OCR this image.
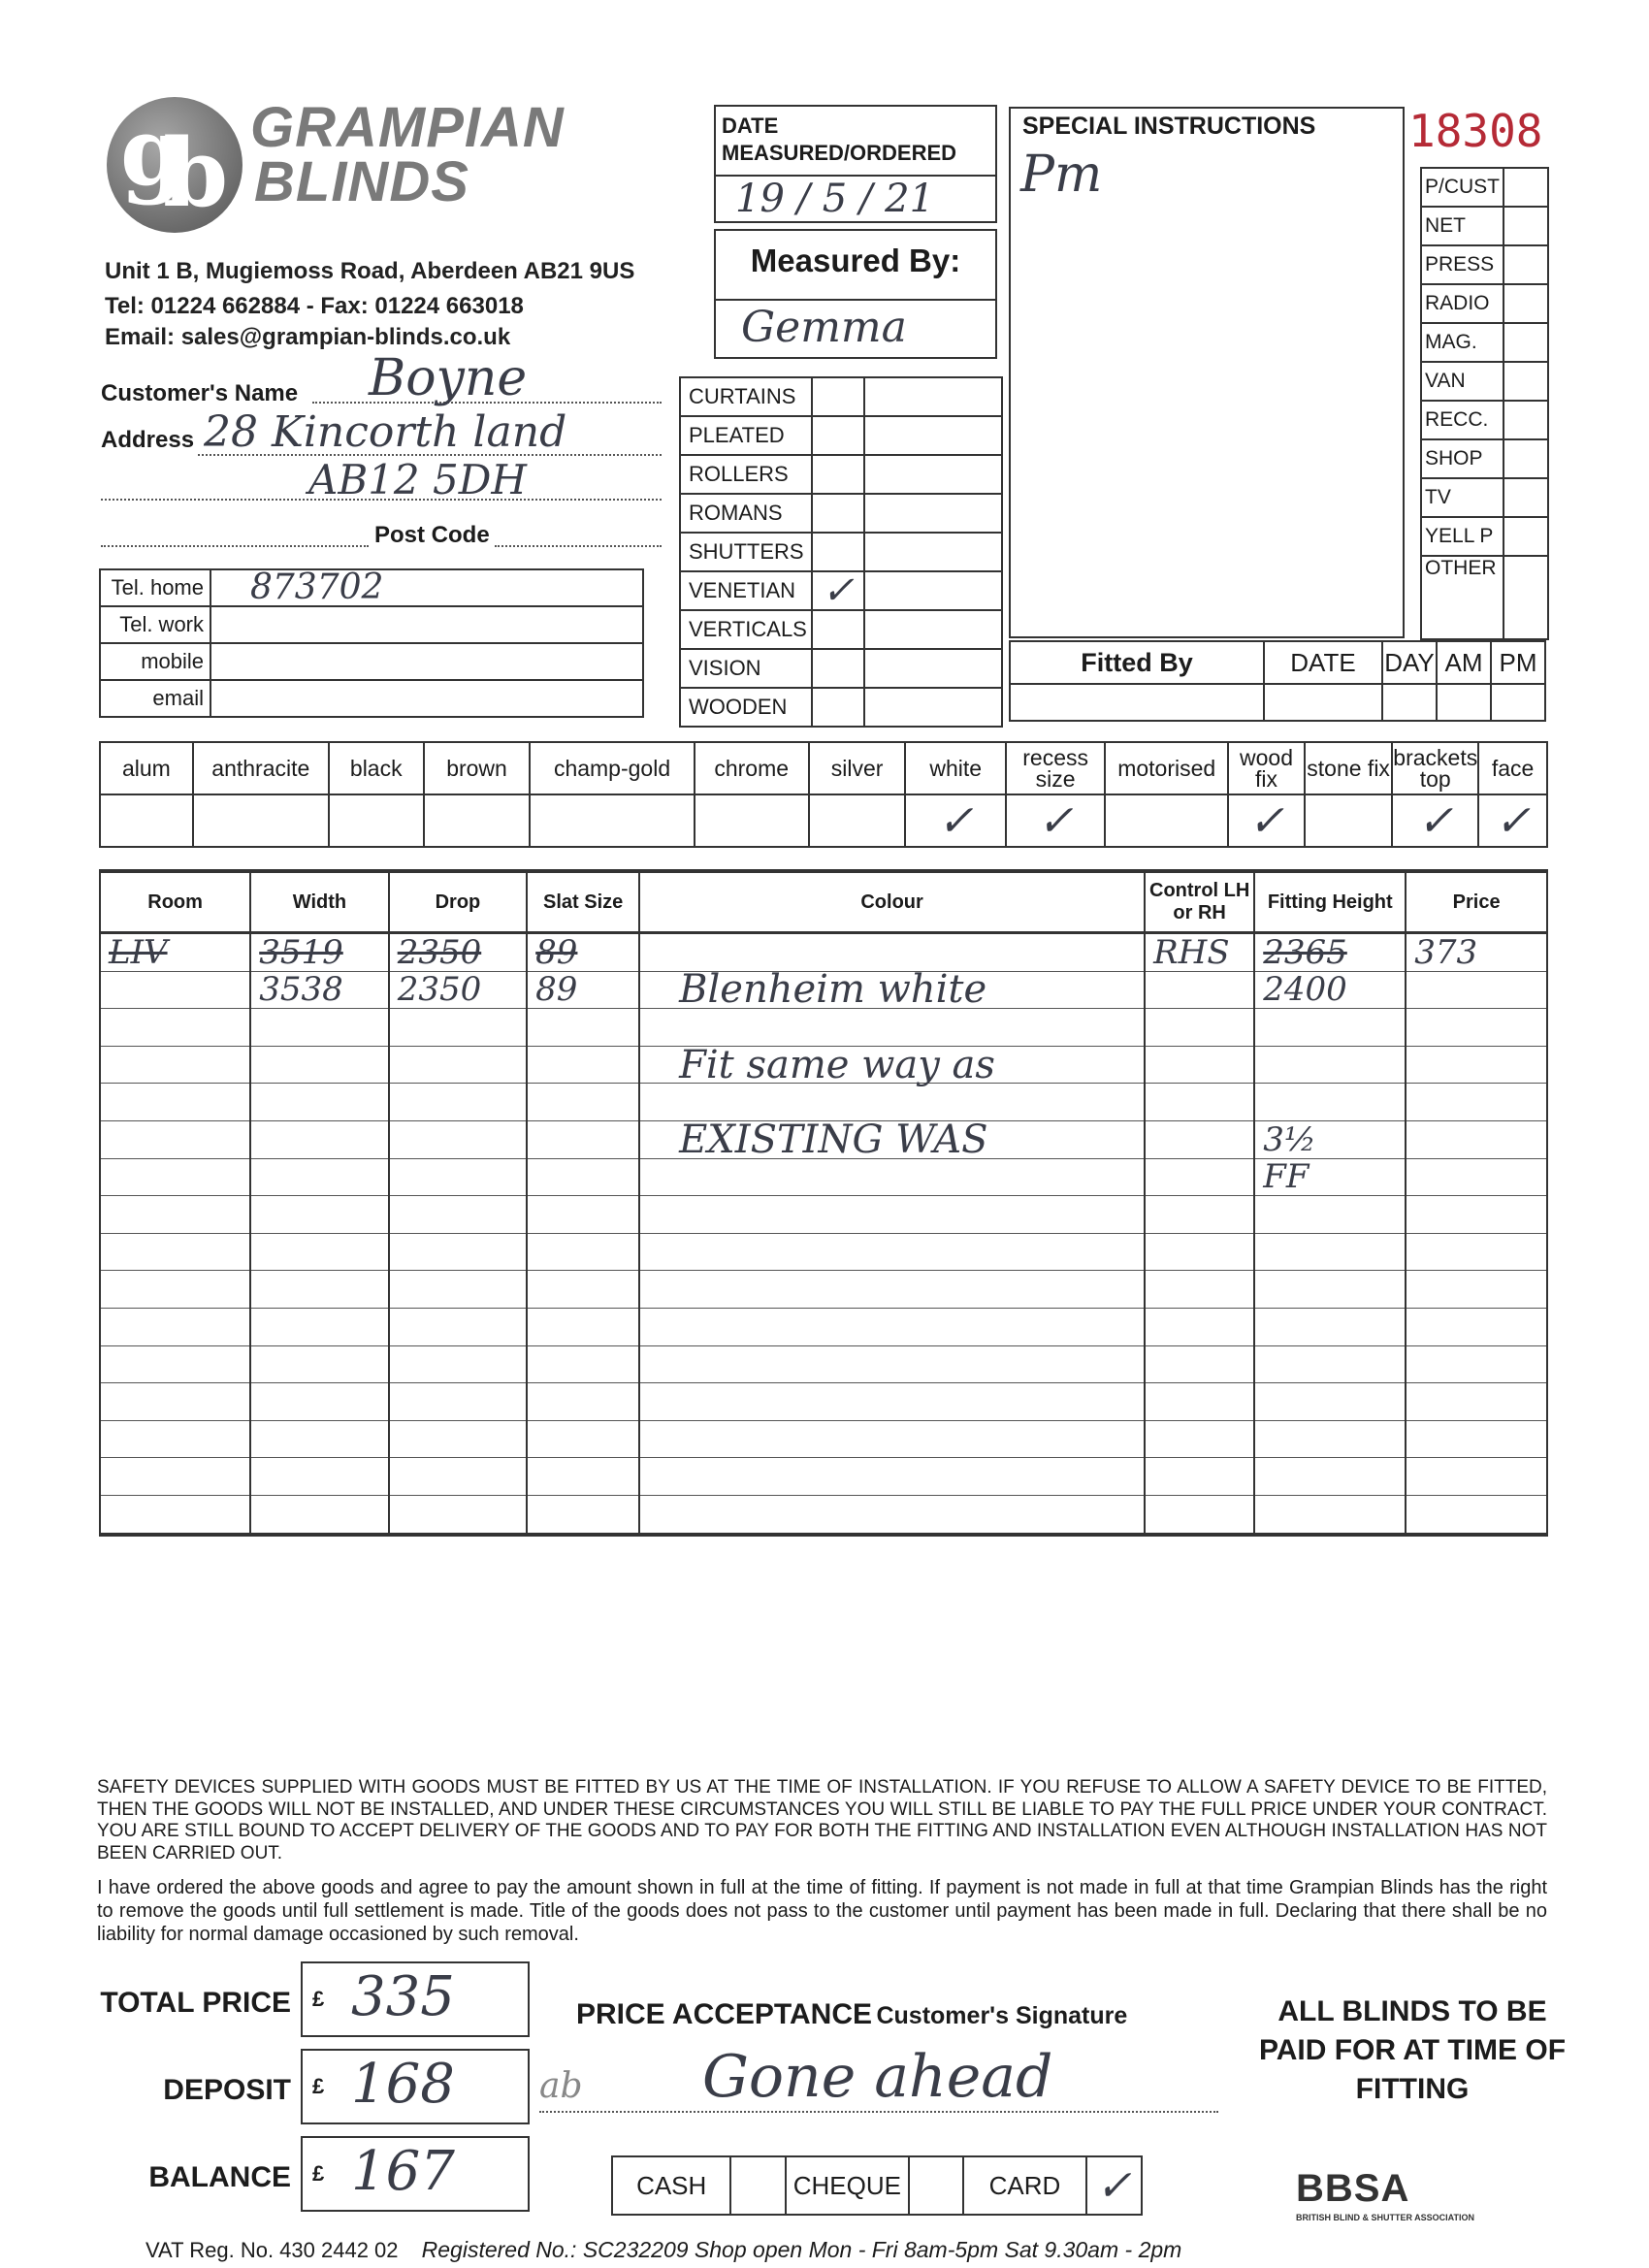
g
b GRAMPIAN
BLINDS
Unit 1 B, Mugiemoss Road, Aberdeen AB21 9US
Tel: 01224 662884 - Fax: 01224 663018
Email: sales@grampian-blinds.co.uk
DATE MEASURED/ORDERED
19 / 5 / 21
Measured By:
Gemma
SPECIAL INSTRUCTIONS
Pm
18308
P/CUST	
NET	
PRESS	
RADIO	
MAG.	
VAN	
RECC.	
SHOP	
TV	
YELL P	
OTHER	
Customer's Name Boyne
Address 28 Kincorth land
AB12 5DH
Post Code
Tel. home	873702
Tel. work	
mobile	
email	
CURTAINS		
PLEATED		
ROLLERS		
ROMANS		
SHUTTERS		
VENETIAN	✓	
VERTICALS		
VISION		
WOODEN		
Fitted By	DATE	DAY	AM	PM

alum	anthracite	black	brown	champ-gold	chrome	silver	white	recess size	motorised	wood fix	stone fix	brackets top	face
							✓	✓		✓		✓	✓
Room	Width	Drop	Slat Size	Colour	Control LH or RH	Fitting Height	Price
LIV	3519	2350	89		RHS	2365	373
	3538	2350	89	Blenheim white		2400	

				Fit same way as			

				EXISTING WAS		3½	
						FF	

SAFETY DEVICES SUPPLIED WITH GOODS MUST BE FITTED BY US AT THE TIME OF INSTALLATION. IF YOU REFUSE TO ALLOW A SAFETY DEVICE TO BE FITTED, THEN THE GOODS WILL NOT BE INSTALLED, AND UNDER THESE CIRCUMSTANCES YOU WILL STILL BE LIABLE TO PAY THE FULL PRICE UNDER YOUR CONTRACT. YOU ARE STILL BOUND TO ACCEPT DELIVERY OF THE GOODS AND TO PAY FOR BOTH THE FITTING AND INSTALLATION EVEN ALTHOUGH INSTALLATION HAS NOT BEEN CARRIED OUT.
I have ordered the above goods and agree to pay the amount shown in full at the time of fitting. If payment is not made in full at that time Grampian Blinds has the right to remove the goods until full settlement is made. Title of the goods does not pass to the customer until payment has been made in full. Declaring that there shall be no liability for normal damage occasioned by such removal.
TOTAL PRICE £ 335
DEPOSIT £ 168
BALANCE £ 167
PRICE ACCEPTANCE Customer's Signature
ab Gone ahead
CASH		CHEQUE		CARD	✓
ALL BLINDS TO BE PAID FOR AT TIME OF FITTING
BBSA
BRITISH BLIND & SHUTTER ASSOCIATION
VAT Reg. No. 430 2442 02 Registered No.: SC232209 Shop open Mon - Fri 8am-5pm Sat 9.30am - 2pm
